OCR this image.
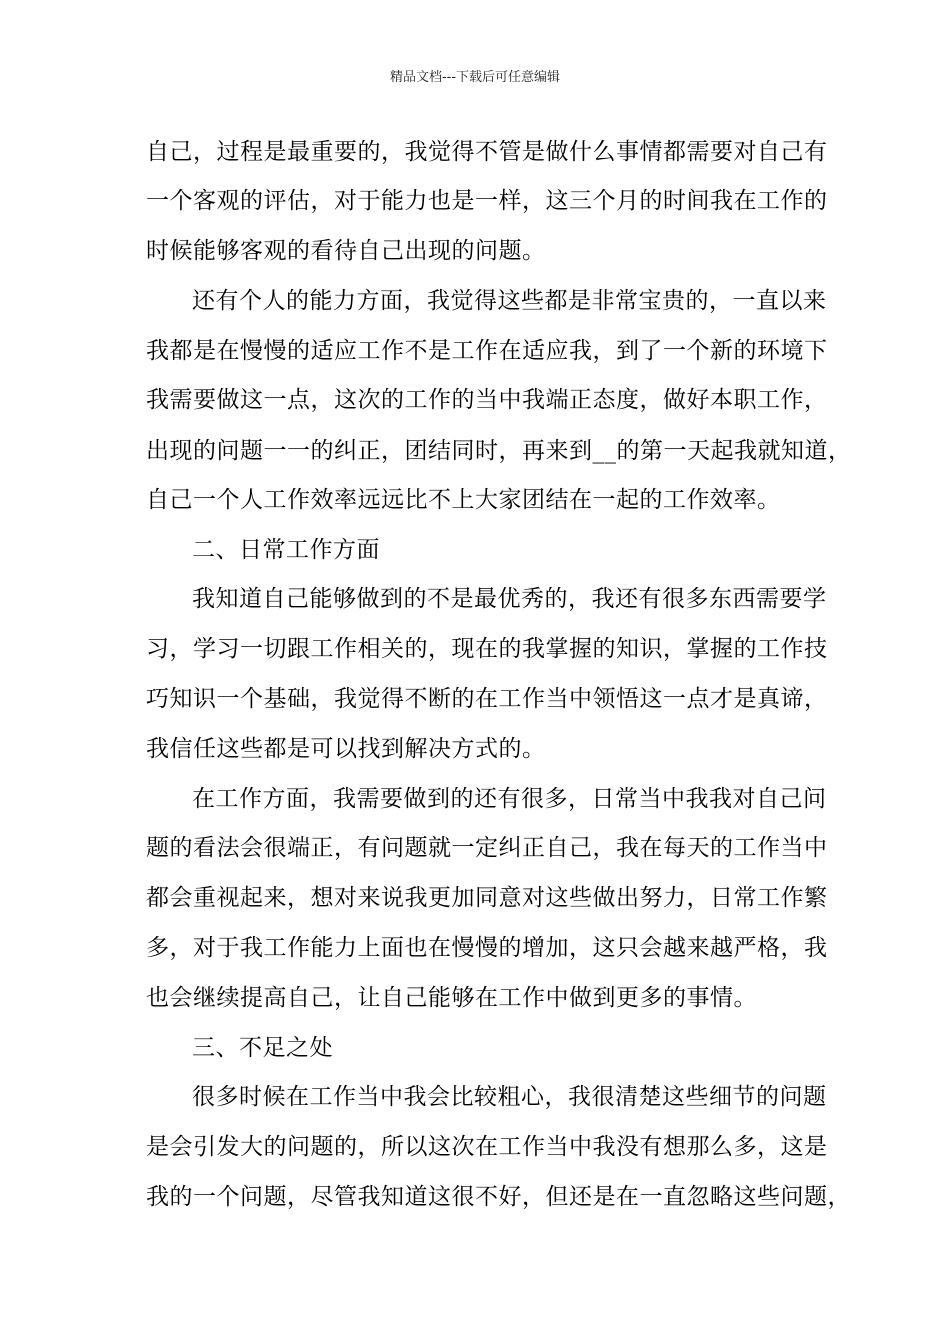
精品文档---下载后可任意编辑
自己，过程是最重要的，我觉得不管是做什么事情都需要对自己有
一个客观的评估，对于能力也是一样，这三个月的时间我在工作的
时候能够客观的看待自己出现的问题。
还有个人的能力方面，我觉得这些都是非常宝贵的，一直以来
我都是在慢慢的适应工作不是工作在适应我，到了一个新的环境下
我需要做这一点，这次的工作的当中我端正态度，做好本职工作，
出现的问题一一的纠正，团结同时，再来到__的第一天起我就知道，
自己一个人工作效率远远比不上大家团结在一起的工作效率。
二、日常工作方面
我知道自己能够做到的不是最优秀的，我还有很多东西需要学
习，学习一切跟工作相关的，现在的我掌握的知识，掌握的工作技
巧知识一个基础，我觉得不断的在工作当中领悟这一点才是真谛，
我信任这些都是可以找到解决方式的。
在工作方面，我需要做到的还有很多，日常当中我我对自己问
题的看法会很端正，有问题就一定纠正自己，我在每天的工作当中
都会重视起来，想对来说我更加同意对这些做出努力，日常工作繁
多，对于我工作能力上面也在慢慢的增加，这只会越来越严格，我
也会继续提高自己，让自己能够在工作中做到更多的事情。
三、不足之处
很多时候在工作当中我会比较粗心，我很清楚这些细节的问题
是会引发大的问题的，所以这次在工作当中我没有想那么多，这是
我的一个问题，尽管我知道这很不好，但还是在一直忽略这些问题，
